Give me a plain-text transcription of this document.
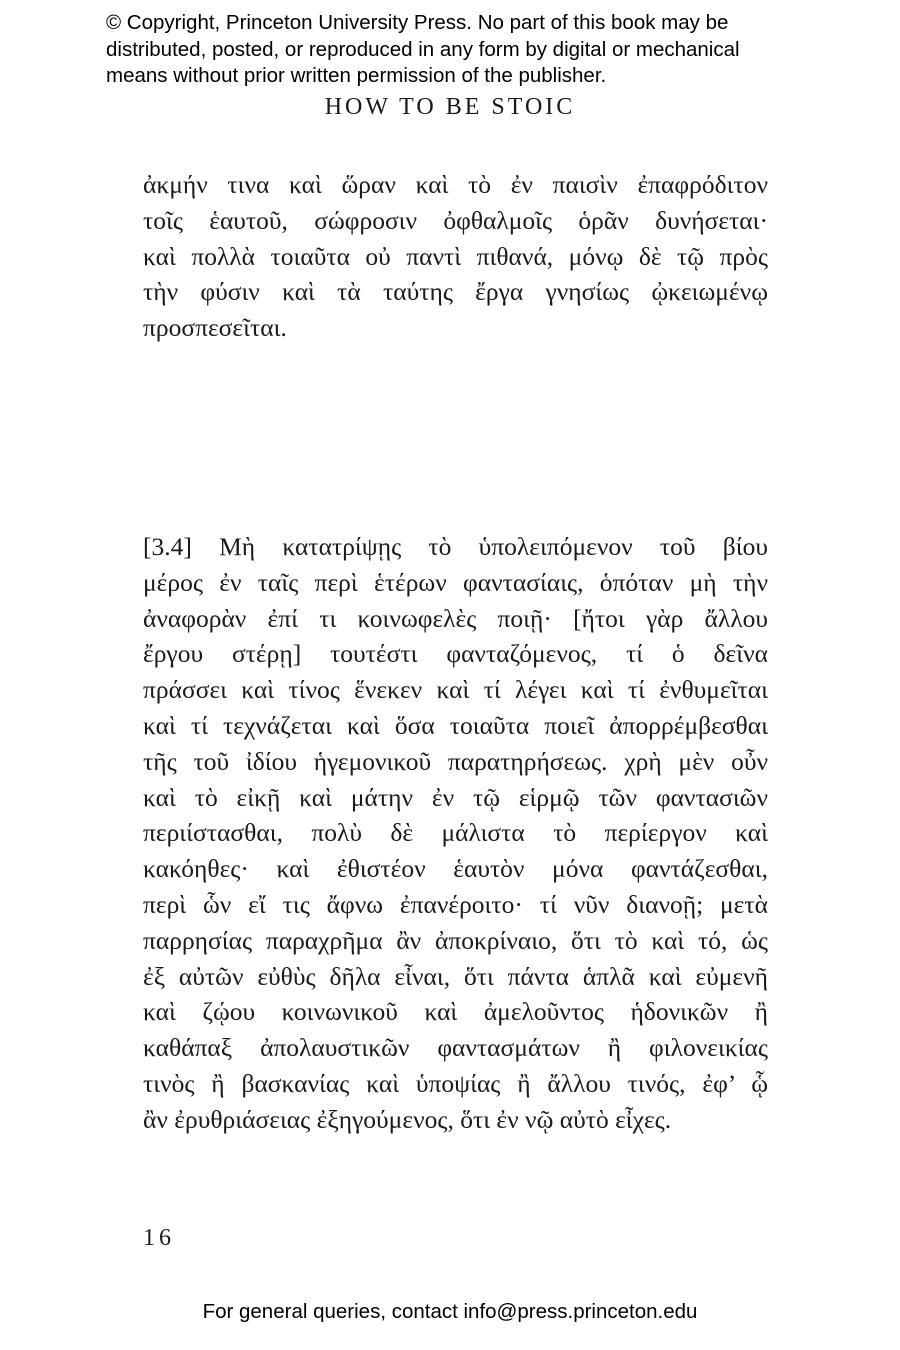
© Copyright, Princeton University Press. No part of this book may be
distributed, posted, or reproduced in any form by digital or mechanical
means without prior written permission of the publisher.
HOW TO BE STOIC
ἀκμήν τινα καὶ ὥραν καὶ τὸ ἐν παισὶν ἐπαφρόδιτον
τοῖς ἑαυτοῦ, σώφροσιν ὀφθαλμοῖς ὁρᾶν δυνήσεται·
καὶ πολλὰ τοιαῦτα οὐ παντὶ πιθανά, μόνῳ δὲ τῷ πρὸς
τὴν φύσιν καὶ τὰ ταύτης ἔργα γνησίως ᾠκειωμένῳ
προσπεσεῖται.
[3.4] Μὴ κατατρίψῃς τὸ ὑπολειπόμενον τοῦ βίου
μέρος ἐν ταῖς περὶ ἑτέρων φαντασίαις, ὁπόταν μὴ τὴν
ἀναφορὰν ἐπί τι κοινωφελὲς ποιῇ· [ἤτοι γὰρ ἄλλου
ἔργου στέρῃ] τουτέστι φανταζόμενος, τί ὁ δεῖνα
πράσσει καὶ τίνος ἕνεκεν καὶ τί λέγει καὶ τί ἐνθυμεῖται
καὶ τί τεχνάζεται καὶ ὅσα τοιαῦτα ποιεῖ ἀπορρέμβεσθαι
τῆς τοῦ ἰδίου ἡγεμονικοῦ παρατηρήσεως. χρὴ μὲν οὖν
καὶ τὸ εἰκῇ καὶ μάτην ἐν τῷ εἱρμῷ τῶν φαντασιῶν
περιίστασθαι, πολὺ δὲ μάλιστα τὸ περίεργον καὶ
κακόηθες· καὶ ἐθιστέον ἑαυτὸν μόνα φαντάζεσθαι,
περὶ ὧν εἴ τις ἄφνω ἐπανέροιτο· τί νῦν διανοῇ; μετὰ
παρρησίας παραχρῆμα ἂν ἀποκρίναιο, ὅτι τὸ καὶ τό, ὡς
ἐξ αὐτῶν εὐθὺς δῆλα εἶναι, ὅτι πάντα ἁπλᾶ καὶ εὐμενῆ
καὶ ζῴου κοινωνικοῦ καὶ ἀμελοῦντος ἡδονικῶν ἢ
καθάπαξ ἀπολαυστικῶν φαντασμάτων ἢ φιλονεικίας
τινὸς ἢ βασκανίας καὶ ὑποψίας ἢ ἄλλου τινός, ἐφ’ ᾧ
ἂν ἐρυθριάσειας ἐξηγούμενος, ὅτι ἐν νῷ αὐτὸ εἶχες.
16
For general queries, contact info@press.princeton.edu
